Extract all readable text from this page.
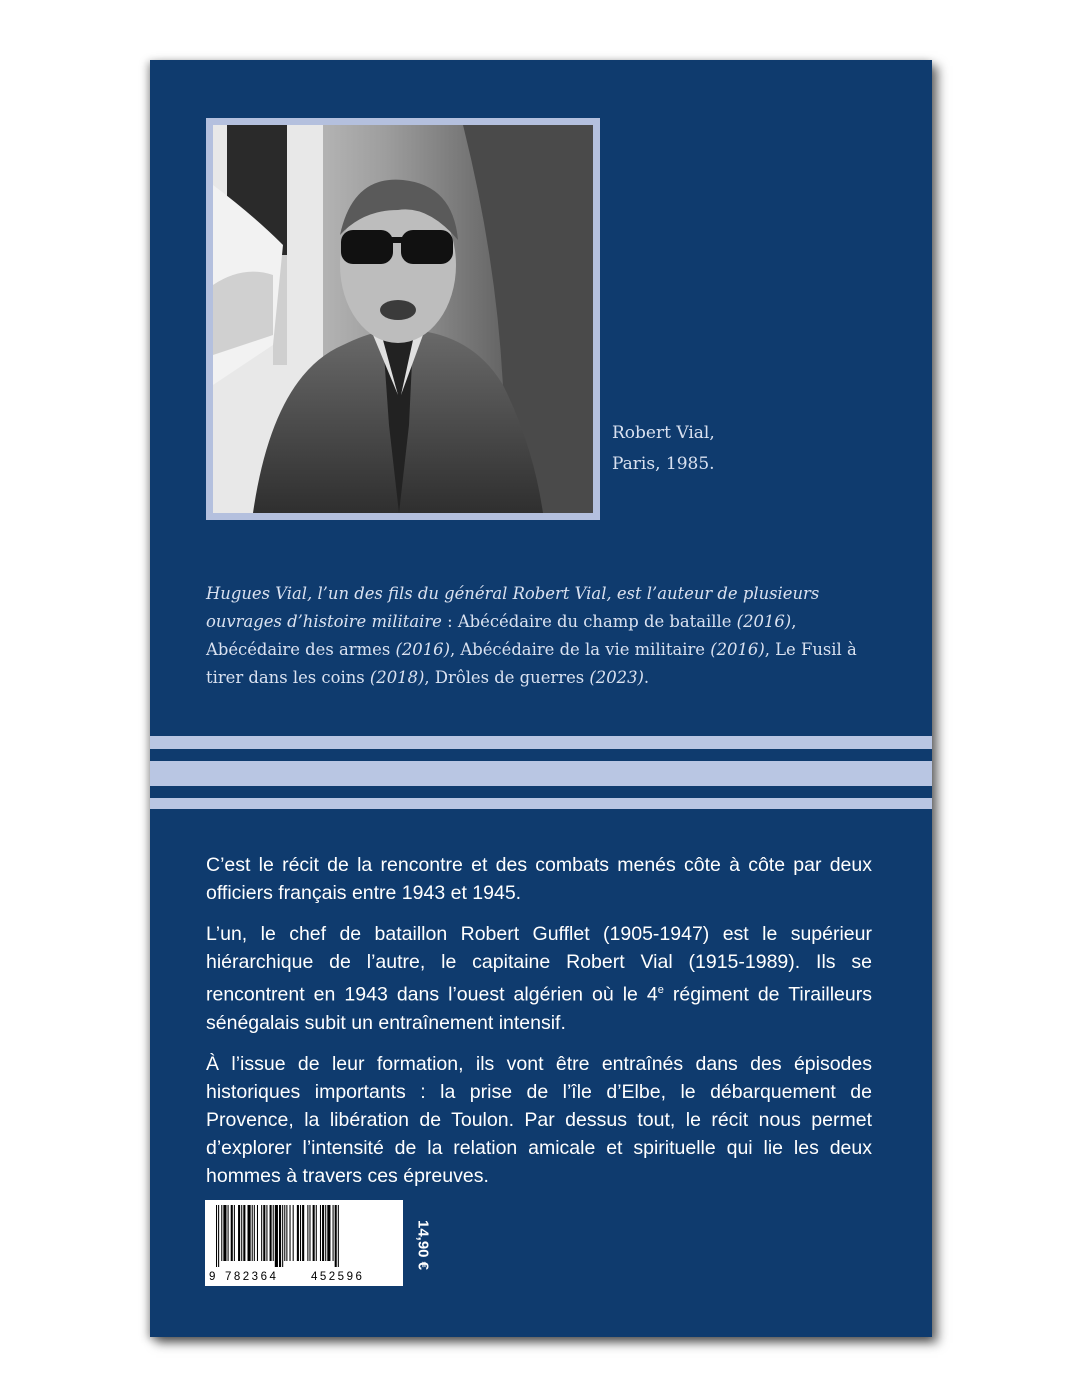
Robert Vial,
Paris, 1985.
Hugues Vial, l’un des fils du général Robert Vial, est l’auteur de plusieurs ouvrages d’histoire militaire : Abécédaire du champ de bataille (2016), Abécédaire des armes (2016), Abécédaire de la vie militaire (2016), Le Fusil à tirer dans les coins (2018), Drôles de guerres (2023).

C’est le récit de la rencontre et des combats menés côte à côte par deux officiers français entre 1943 et 1945.

L’un, le chef de bataillon Robert Gufflet (1905-1947) est le supérieur hiérarchique de l’autre, le capitaine Robert Vial (1915-1989). Ils se rencontrent en 1943 dans l’ouest algérien où le 4e régiment de Tirailleurs sénégalais subit un entraînement intensif.

À l’issue de leur formation, ils vont être entraînés dans des épisodes historiques importants : la prise de l’île d’Elbe, le débarquement de Provence, la libération de Toulon. Par dessus tout, le récit nous permet d’explorer l’intensité de la relation amicale et spirituelle qui lie les deux hommes à travers ces épreuves.

9 782364	452596
14,90 €
